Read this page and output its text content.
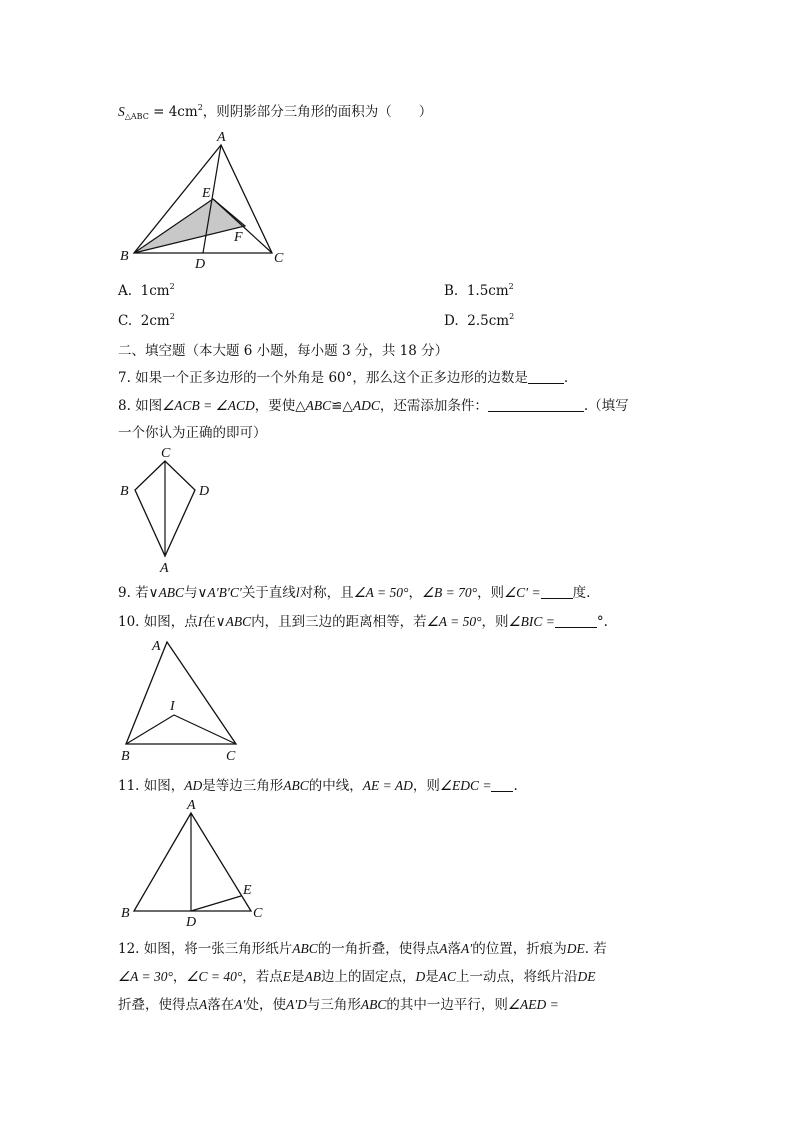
$S_{\triangle ABC} = 4cm^2$，则阴影部分三角形的面积为（　　）
A
B	C
D
E
F
A. $1cm^2$	B. $1.5cm^2$
C. $2cm^2$	D. $2.5cm^2$
二、填空题（本大题 6 小题，每小题 3 分，共 18 分）
7. 如果一个正多边形的一个外角是 60°，那么这个正多边形的边数是	.
8. 如图∠ACB = ∠ACD，要使△ABC≌△ADC，还需添加条件：	.（填写
一个你认为正确的即可）
C
B	D
A
9. 若∨ABC与∨A′B′C′关于直线l对称，且∠A = 50°，∠B = 70°，则∠C′ = 度.
10. 如图，点I在∨ABC内，且到三边的距离相等，若∠A = 50°，则∠BIC =	°.
A
I
B	C
11. 如图，AD是等边三角形ABC的中线，AE = AD，则∠EDC = .
A
E
B
D
C
12. 如图，将一张三角形纸片ABC的一角折叠，使得点A落A′的位置，折痕为DE. 若
∠A = 30°，∠C = 40°，若点E是AB边上的固定点，D是AC上一动点，将纸片沿DE
折叠，使得点A落在A′处，使A′D与三角形ABC的其中一边平行，则∠AED =
